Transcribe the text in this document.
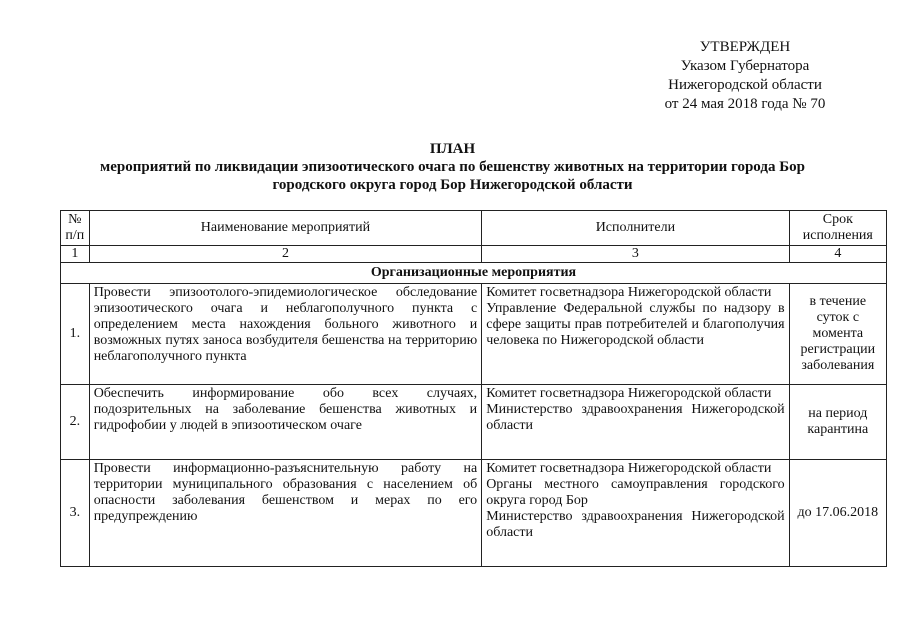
УТВЕРЖДЕН
Указом Губернатора
Нижегородской области
от 24 мая 2018 года № 70
ПЛАН
мероприятий по ликвидации эпизоотического очага по бешенству животных на территории города Бор городского округа город Бор Нижегородской области
№ п/п	Наименование мероприятий	Исполнители	Срок исполнения
1	2	3	4
Организационные мероприятия			
1.	Провести эпизоотолого-эпидемиологическое обследование эпизоотического очага и неблагополучного пункта с определением места нахождения больного животного и возможных путях заноса возбудителя бешенства на территорию неблагополучного пункта	Комитет госветнадзора Нижегородской области
Управление Федеральной службы по надзору в сфере защиты прав потребителей и благополучия человека по Нижегородской области	в течение суток с момента регистрации заболевания
2.	Обеспечить информирование обо всех случаях, подозрительных на заболевание бешенства животных и гидрофобии у людей в эпизоотическом очаге	Комитет госветнадзора Нижегородской области
Министерство здравоохранения Нижегородской области	на период карантина
3.	Провести информационно-разъяснительную работу на территории муниципального образования с населением об опасности заболевания бешенством и мерах по его предупреждению	Комитет госветнадзора Нижегородской области
Органы местного самоуправления городского округа город Бор
Министерство здравоохранения Нижегородской области	до 17.06.2018
